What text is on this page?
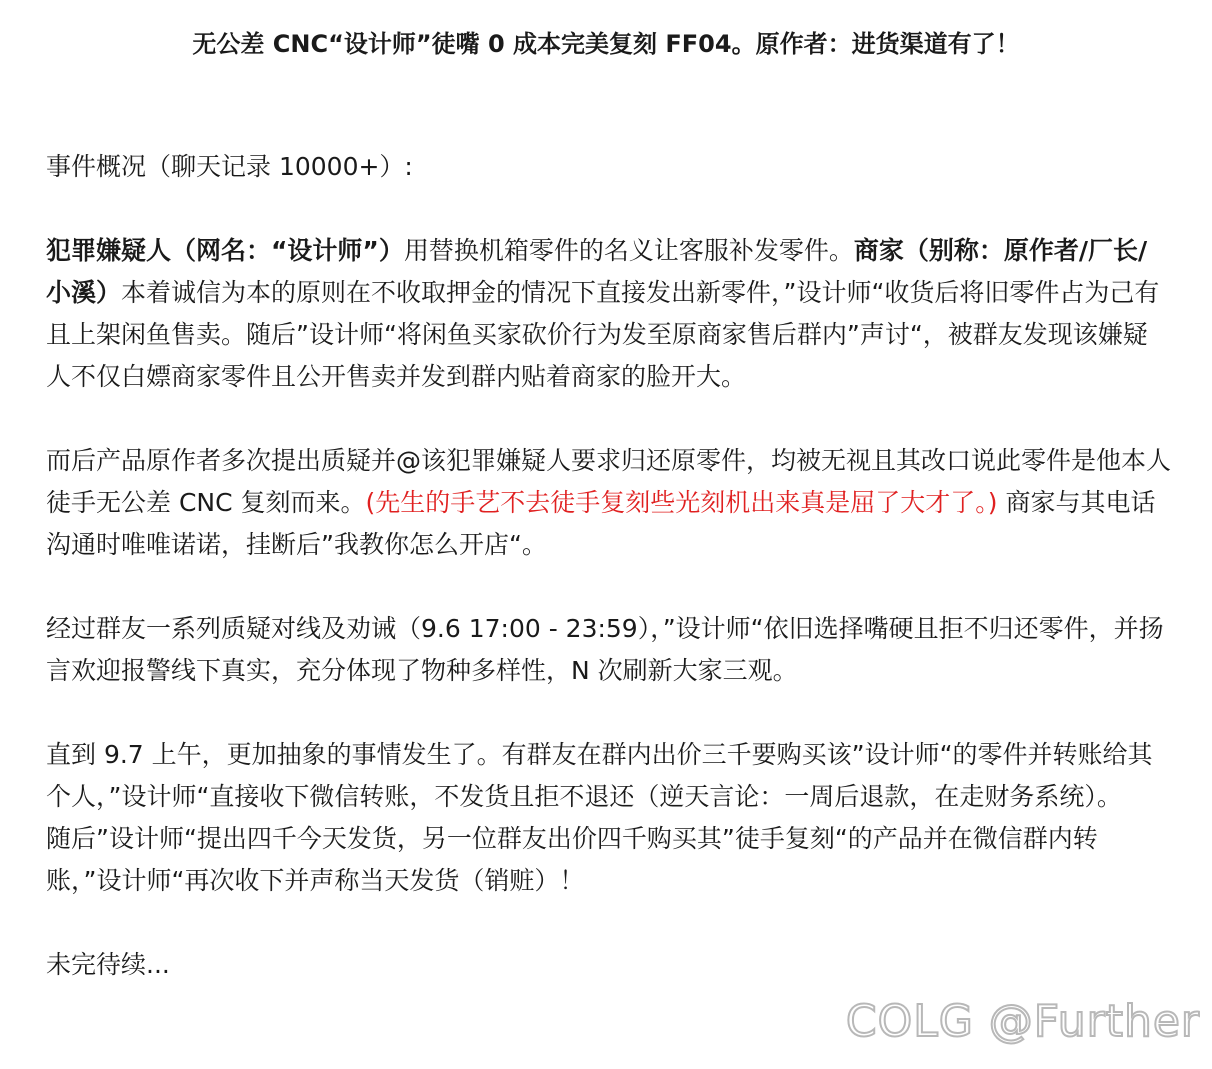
无公差 CNC“设计师”徒嘴 0 成本完美复刻 FF04。原作者：进货渠道有了！

事件概况（聊天记录 10000+）:

犯罪嫌疑人（网名：“设计师”）用替换机箱零件的名义让客服补发零件。商家（别称：原作者/厂长/小溪）本着诚信为本的原则在不收取押金的情况下直接发出新零件，”设计师“收货后将旧零件占为己有且上架闲鱼售卖。随后”设计师“将闲鱼买家砍价行为发至原商家售后群内”声讨“，被群友发现该嫌疑人不仅白嫖商家零件且公开售卖并发到群内贴着商家的脸开大。

而后产品原作者多次提出质疑并@该犯罪嫌疑人要求归还原零件，均被无视且其改口说此零件是他本人徒手无公差 CNC 复刻而来。(先生的手艺不去徒手复刻些光刻机出来真是屈了大才了。) 商家与其电话沟通时唯唯诺诺，挂断后”我教你怎么开店“。

经过群友一系列质疑对线及劝诫（9.6 17:00 - 23:59），”设计师“依旧选择嘴硬且拒不归还零件，并扬言欢迎报警线下真实，充分体现了物种多样性，N 次刷新大家三观。

直到 9.7 上午，更加抽象的事情发生了。有群友在群内出价三千要购买该”设计师“的零件并转账给其个人，”设计师“直接收下微信转账，不发货且拒不退还（逆天言论：一周后退款，在走财务系统）。

随后”设计师“提出四千今天发货，另一位群友出价四千购买其”徒手复刻“的产品并在微信群内转账，”设计师“再次收下并声称当天发货（销赃）！

未完待续...

COLG @Further
